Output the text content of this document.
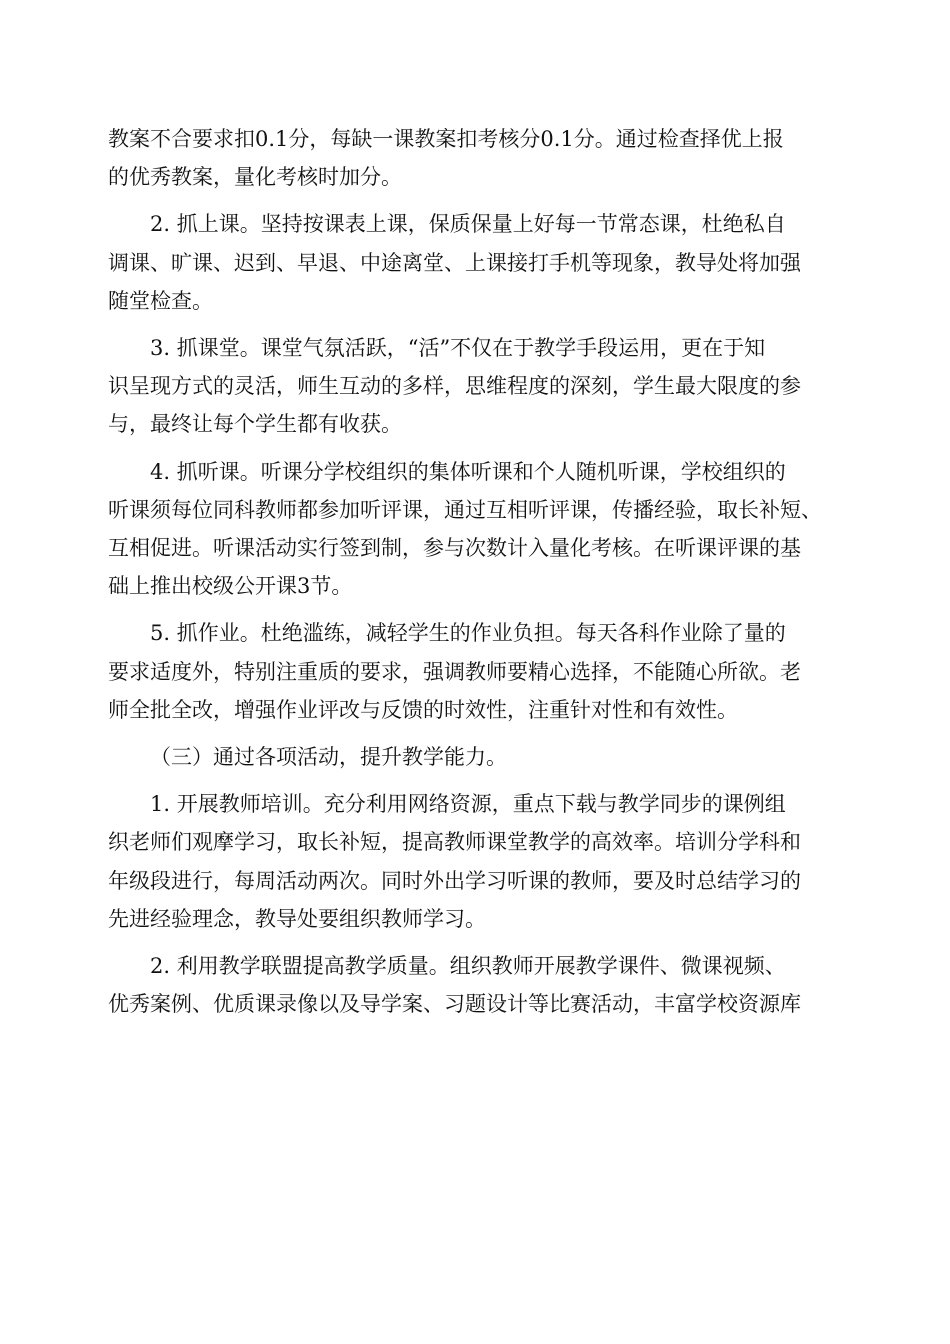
教案不合要求扣0.1分，每缺一课教案扣考核分0.1分。通过检查择优上报
的优秀教案，量化考核时加分。

2. 抓上课。坚持按课表上课，保质保量上好每一节常态课，杜绝私自
调课、旷课、迟到、早退、中途离堂、上课接打手机等现象，教导处将加强
随堂检查。

3. 抓课堂。课堂气氛活跃，“活”不仅在于教学手段运用，更在于知
识呈现方式的灵活，师生互动的多样，思维程度的深刻，学生最大限度的参
与，最终让每个学生都有收获。

4. 抓听课。听课分学校组织的集体听课和个人随机听课，学校组织的
听课须每位同科教师都参加听评课，通过互相听评课，传播经验，取长补短、
互相促进。听课活动实行签到制，参与次数计入量化考核。在听课评课的基
础上推出校级公开课3节。

5. 抓作业。杜绝滥练，减轻学生的作业负担。每天各科作业除了量的
要求适度外，特别注重质的要求，强调教师要精心选择，不能随心所欲。老
师全批全改，增强作业评改与反馈的时效性，注重针对性和有效性。

（三）通过各项活动，提升教学能力。

1. 开展教师培训。充分利用网络资源，重点下载与教学同步的课例组
织老师们观摩学习，取长补短，提高教师课堂教学的高效率。培训分学科和
年级段进行，每周活动两次。同时外出学习听课的教师，要及时总结学习的
先进经验理念，教导处要组织教师学习。

2. 利用教学联盟提高教学质量。组织教师开展教学课件、微课视频、
优秀案例、优质课录像以及导学案、习题设计等比赛活动，丰富学校资源库
